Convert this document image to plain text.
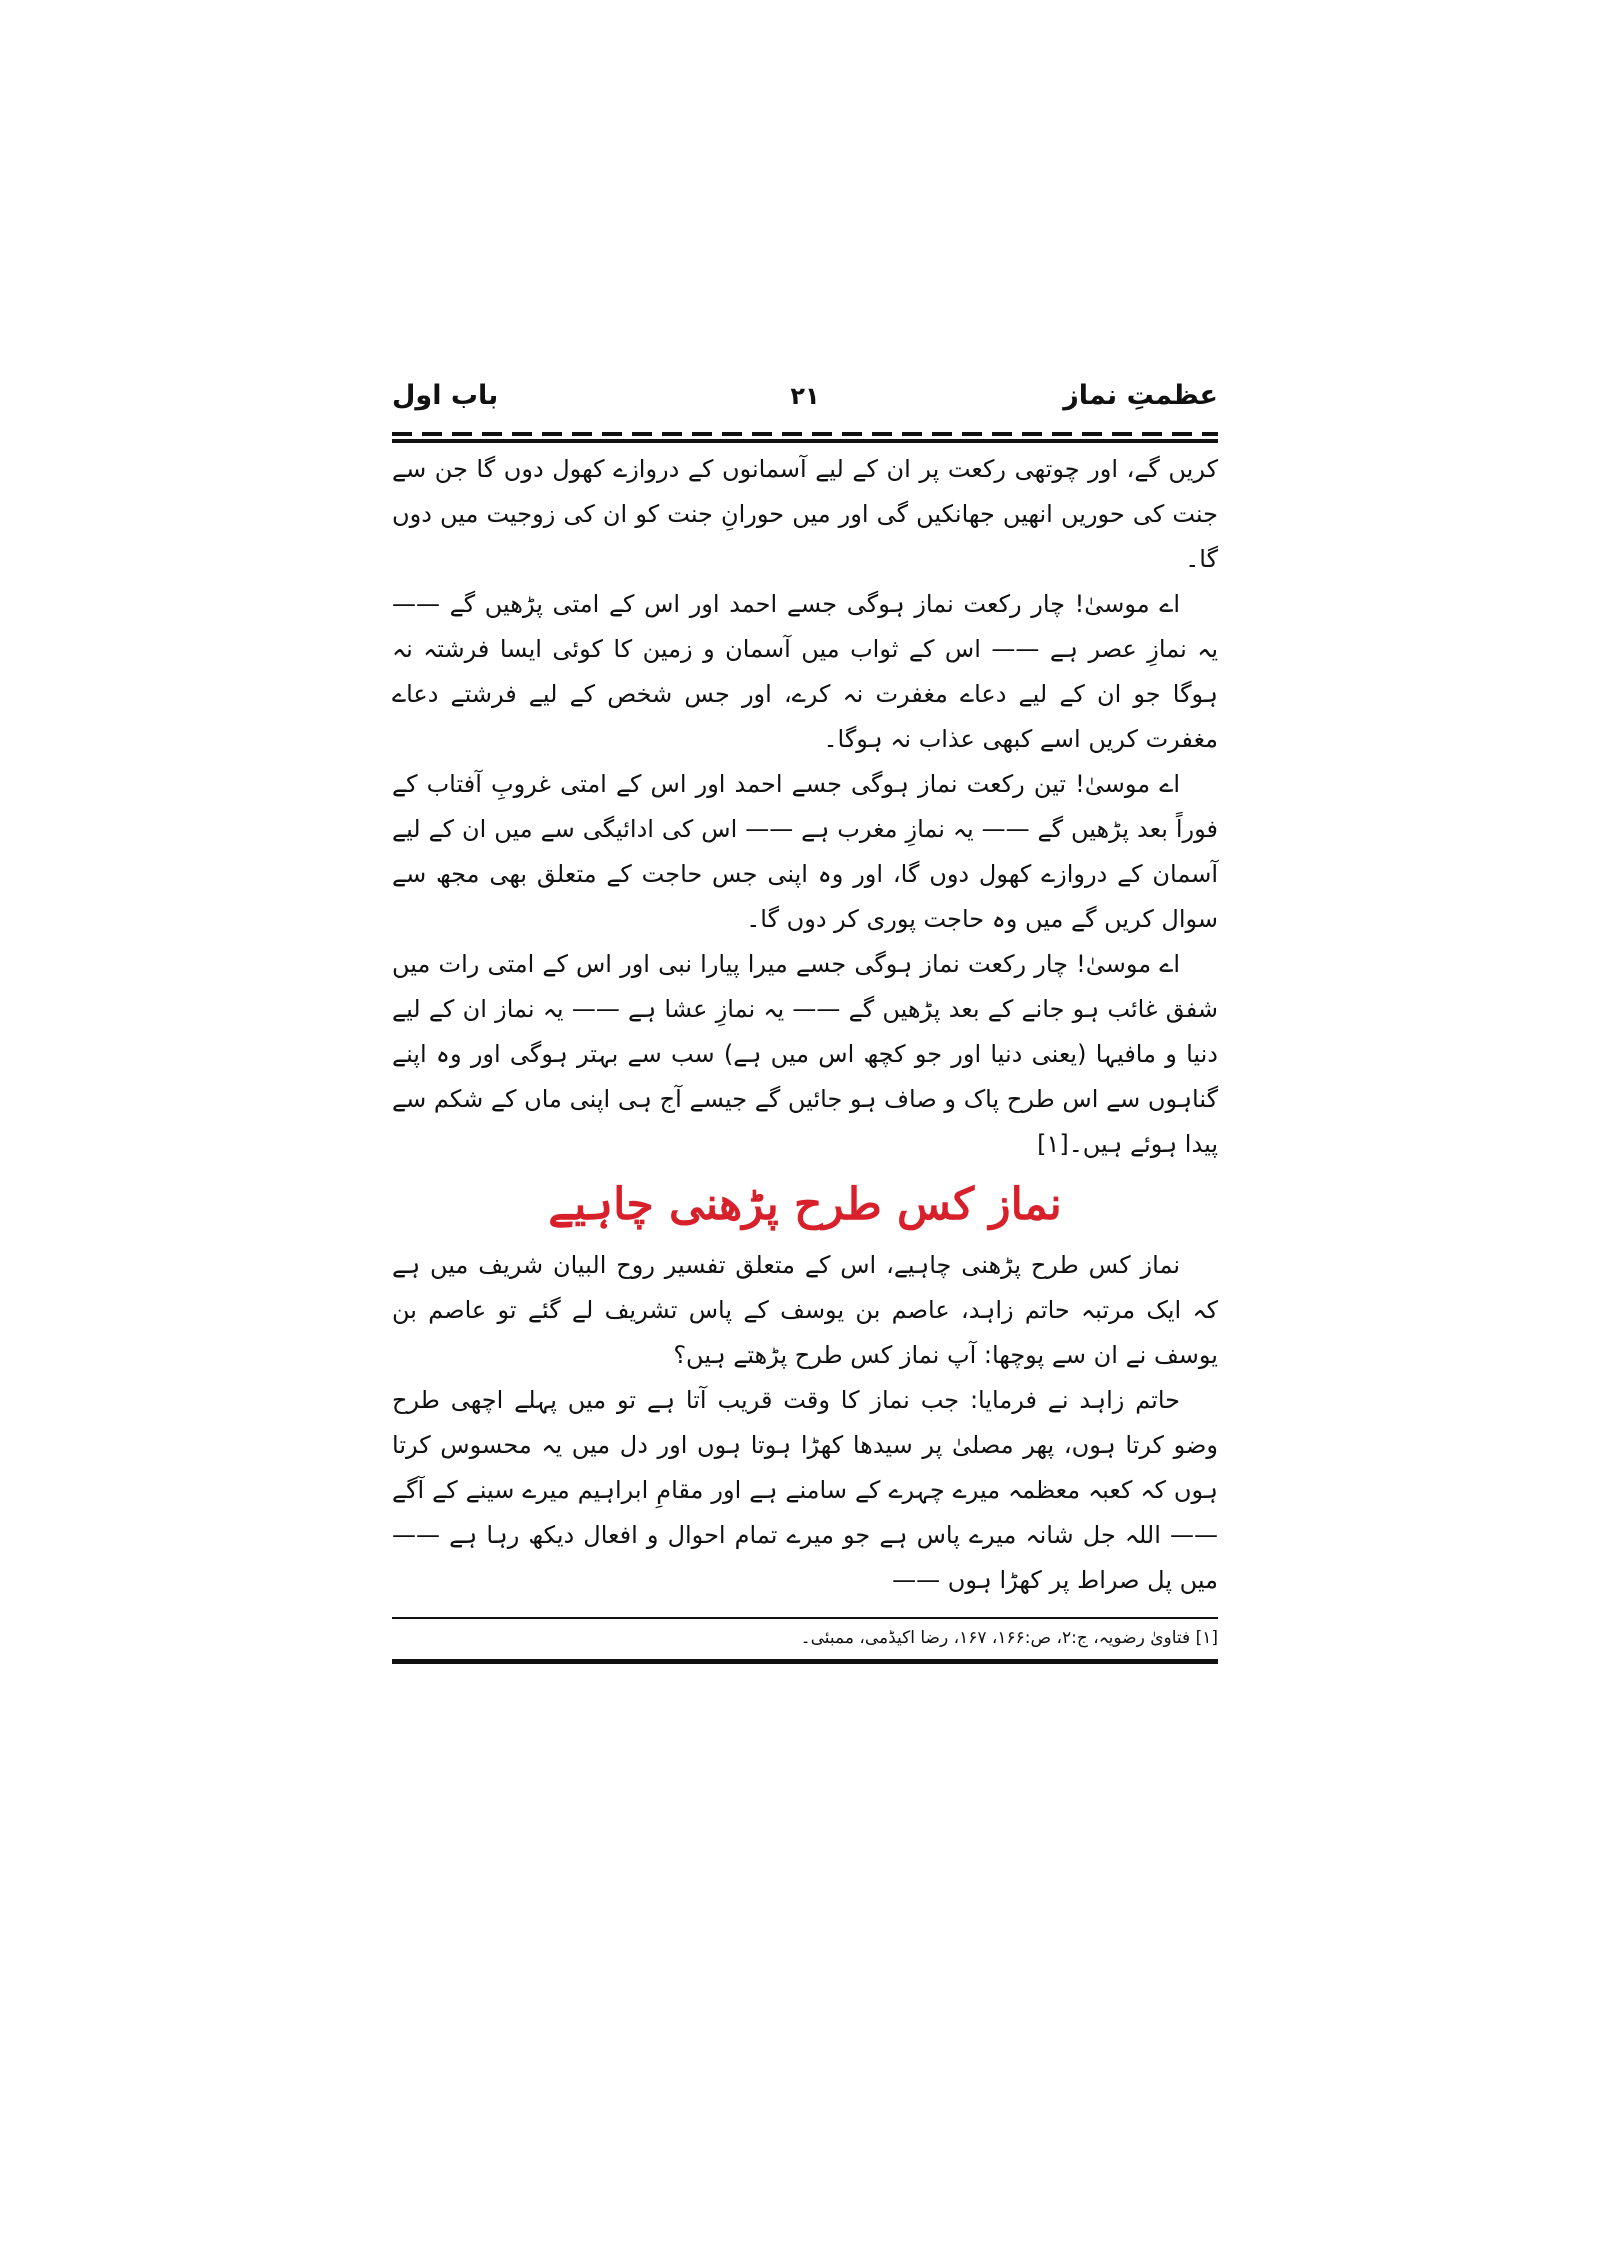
عظمتِ نماز
۲۱
باب اول

کریں گے، اور چوتھی رکعت پر ان کے لیے آسمانوں کے دروازے کھول دوں گا جن سے جنت کی حوریں انھیں جھانکیں گی اور میں حورانِ جنت کو ان کی زوجیت میں دوں گا۔

اے موسیٰ! چار رکعت نماز ہوگی جسے احمد اور اس کے امتی پڑھیں گے —— یہ نمازِ عصر ہے —— اس کے ثواب میں آسمان و زمین کا کوئی ایسا فرشتہ نہ ہوگا جو ان کے لیے دعاے مغفرت نہ کرے، اور جس شخص کے لیے فرشتے دعاے مغفرت کریں اسے کبھی عذاب نہ ہوگا۔

اے موسیٰ! تین رکعت نماز ہوگی جسے احمد اور اس کے امتی غروبِ آفتاب کے فوراً بعد پڑھیں گے —— یہ نمازِ مغرب ہے —— اس کی ادائیگی سے میں ان کے لیے آسمان کے دروازے کھول دوں گا، اور وہ اپنی جس حاجت کے متعلق بھی مجھ سے سوال کریں گے میں وہ حاجت پوری کر دوں گا۔

اے موسیٰ! چار رکعت نماز ہوگی جسے میرا پیارا نبی اور اس کے امتی رات میں شفق غائب ہو جانے کے بعد پڑھیں گے —— یہ نمازِ عشا ہے —— یہ نماز ان کے لیے دنیا و مافیہا (یعنی دنیا اور جو کچھ اس میں ہے) سب سے بہتر ہوگی اور وہ اپنے گناہوں سے اس طرح پاک و صاف ہو جائیں گے جیسے آج ہی اپنی ماں کے شکم سے پیدا ہوئے ہیں۔[۱]

نماز کس طرح پڑھنی چاہیے

نماز کس طرح پڑھنی چاہیے، اس کے متعلق تفسیر روح البیان شریف میں ہے کہ ایک مرتبہ حاتم زاہد، عاصم بن یوسف کے پاس تشریف لے گئے تو عاصم بن یوسف نے ان سے پوچھا: آپ نماز کس طرح پڑھتے ہیں؟

حاتم زاہد نے فرمایا: جب نماز کا وقت قریب آتا ہے تو میں پہلے اچھی طرح وضو کرتا ہوں، پھر مصلیٰ پر سیدھا کھڑا ہوتا ہوں اور دل میں یہ محسوس کرتا ہوں کہ کعبہ معظمہ میرے چہرے کے سامنے ہے اور مقامِ ابراہیم میرے سینے کے آگے —— اللہ جل شانہ میرے پاس ہے جو میرے تمام احوال و افعال دیکھ رہا ہے —— میں پل صراط پر کھڑا ہوں ——

[۱] فتاویٰ رضویہ، ج:۲، ص:۱۶۶، ۱۶۷، رضا اکیڈمی، ممبئی۔
